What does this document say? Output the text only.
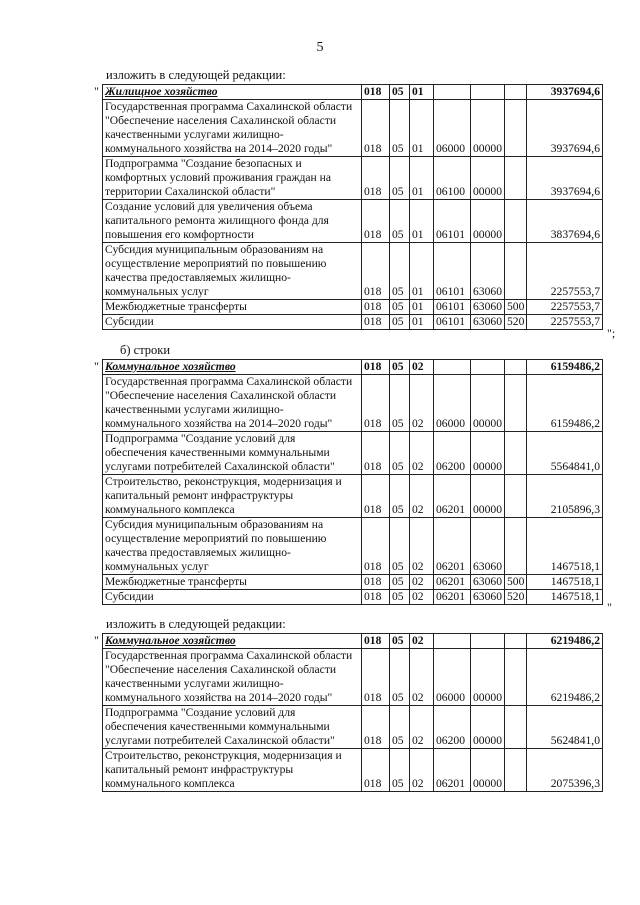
5
изложить в следующей редакции:
" Жилищное хозяйство	018	05	01				3937694,6
Государственная программа Сахалинской области "Обеспечение населения Сахалинской области качественными услугами жилищно-коммунального хозяйства на 2014–2020 годы"	018	05	01	06000	00000		3937694,6
Подпрограмма "Создание безопасных и комфортных условий проживания граждан на территории Сахалинской области"	018	05	01	06100	00000		3937694,6
Создание условий для увеличения объема капитального ремонта жилищного фонда для повышения его комфортности	018	05	01	06101	00000		3837694,6
Субсидия муниципальным образованиям на осуществление мероприятий по повышению качества предоставляемых жилищно-коммунальных услуг	018	05	01	06101	63060		2257553,7
Межбюджетные трансферты	018	05	01	06101	63060	500	2257553,7
Субсидии	018	05	01	06101	63060	520	2257553,7
";
б) строки
" Коммунальное хозяйство	018	05	02				6159486,2
Государственная программа Сахалинской области "Обеспечение населения Сахалинской области качественными услугами жилищно-коммунального хозяйства на 2014–2020 годы"	018	05	02	06000	00000		6159486,2
Подпрограмма "Создание условий для обеспечения качественными коммунальными услугами потребителей Сахалинской области"	018	05	02	06200	00000		5564841,0
Строительство, реконструкция, модернизация и капитальный ремонт инфраструктуры коммунального комплекса	018	05	02	06201	00000		2105896,3
Субсидия муниципальным образованиям на осуществление мероприятий по повышению качества предоставляемых жилищно-коммунальных услуг	018	05	02	06201	63060		1467518,1
Межбюджетные трансферты	018	05	02	06201	63060	500	1467518,1
Субсидии	018	05	02	06201	63060	520	1467518,1
"
изложить в следующей редакции:
" Коммунальное хозяйство	018	05	02				6219486,2
Государственная программа Сахалинской области "Обеспечение населения Сахалинской области качественными услугами жилищно-коммунального хозяйства на 2014–2020 годы"	018	05	02	06000	00000		6219486,2
Подпрограмма "Создание условий для обеспечения качественными коммунальными услугами потребителей Сахалинской области"	018	05	02	06200	00000		5624841,0
Строительство, реконструкция, модернизация и капитальный ремонт инфраструктуры коммунального комплекса	018	05	02	06201	00000		2075396,3
